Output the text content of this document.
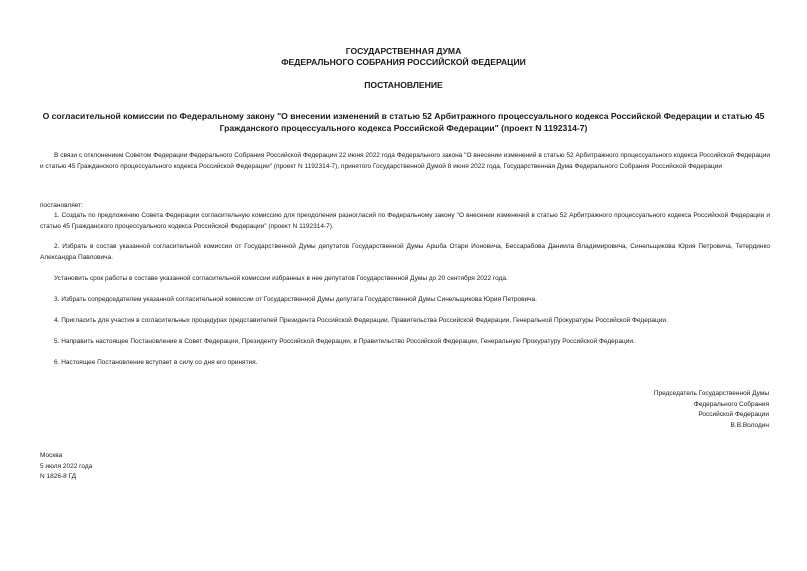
ГОСУДАРСТВЕННАЯ ДУМА
ФЕДЕРАЛЬНОГО СОБРАНИЯ РОССИЙСКОЙ ФЕДЕРАЦИИ
ПОСТАНОВЛЕНИЕ
О согласительной комиссии по Федеральному закону "О внесении изменений в статью 52 Арбитражного процессуального кодекса Российской Федерации и статью 45 Гражданского процессуального кодекса Российской Федерации" (проект N 1192314-7)
В связи с отклонением Советом Федерации Федерального Собрания Российской Федерации 22 июня 2022 года Федерального закона "О внесении изменений в статью 52 Арбитражного процессуального кодекса Российской Федерации и статью 45 Гражданского процессуального кодекса Российской Федерации" (проект N 1192314-7), принятого Государственной Думой 8 июня 2022 года, Государственная Дума Федерального Собрания Российской Федерации
постановляет:
1. Создать по предложению Совета Федерации согласительную комиссию для преодоления разногласий по Федеральному закону "О внесении изменений в статью 52 Арбитражного процессуального кодекса Российской Федерации и статью 45 Гражданского процессуального кодекса Российской Федерации" (проект N 1192314-7).
2. Избрать в состав указанной согласительной комиссии от Государственной Думы депутатов Государственной Думы Аршба Отари Ионовича, Бессарабова Даниила Владимировича, Синельщикова Юрия Петровича, Тетердинко Александра Павловича.
Установить срок работы в составе указанной согласительной комиссии избранных в нее депутатов Государственной Думы до 20 сентября 2022 года.
3. Избрать сопредседателем указанной согласительной комиссии от Государственной Думы депутата Государственной Думы Синельщикова Юрия Петровича.
4. Пригласить для участия в согласительных процедурах представителей Президента Российской Федерации, Правительства Российской Федерации, Генеральной Прокуратуры Российской Федерации.
5. Направить настоящее Постановление в Совет Федерации, Президенту Российской Федерации, в Правительство Российской Федерации, Генеральную Прокуратуру Российской Федерации.
6. Настоящее Постановление вступает в силу со дня его принятия.
Председатель Государственной Думы
Федерального Собрания
Российской Федерации
В.В.Володин
Москва
5 июля 2022 года
N 1826-8 ГД
